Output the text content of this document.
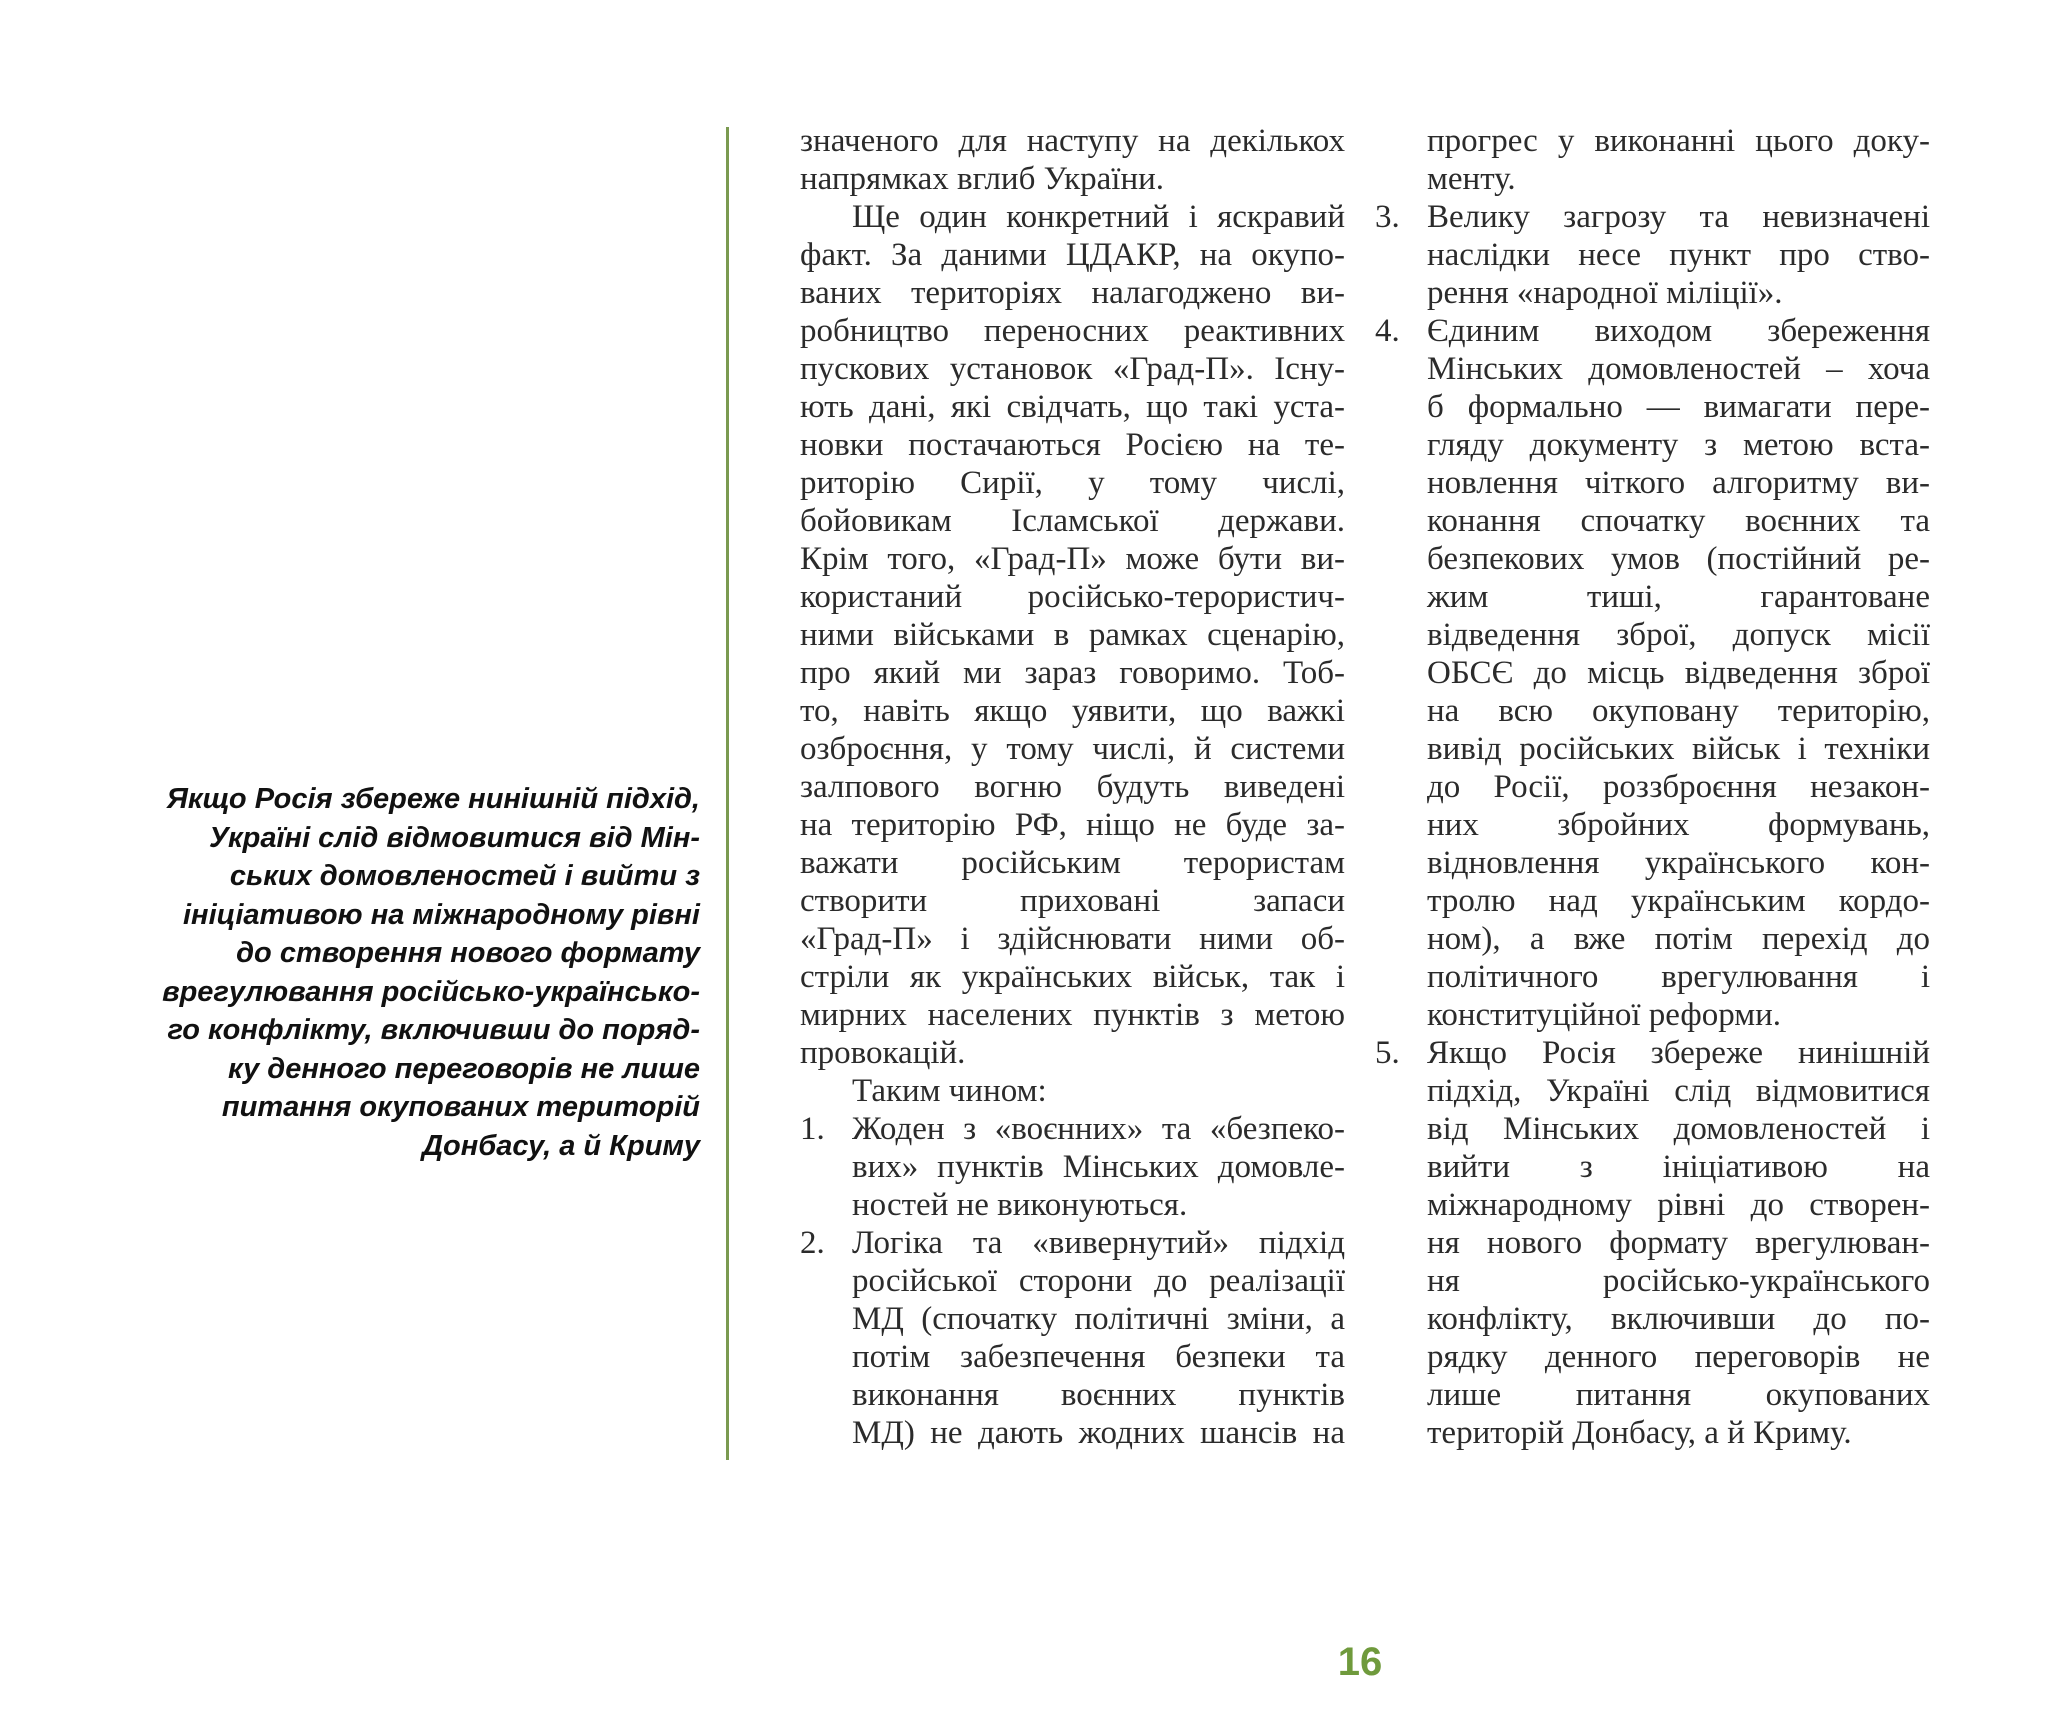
Якщо Росія збереже нинішній підхід,
Україні слід відмовитися від Мін-
ських домовленостей і вийти з
ініціативою на міжнародному рівні
до створення нового формату
врегулювання російсько-українсько-
го конфлікту, включивши до поряд-
ку денного переговорів не лише
питання окупованих територій
Донбасу, а й Криму
значеного для наступу на декількох
напрямках вглиб України.
Ще один конкретний і яскравий
факт. За даними ЦДАКР, на окупо-
ваних територіях налагоджено ви-
робництво переносних реактивних
пускових установок «Град-П». Існу-
ють дані, які свідчать, що такі уста-
новки постачаються Росією на те-
риторію Сирії, у тому числі,
бойовикам Ісламської держави.
Крім того, «Град-П» може бути ви-
користаний російсько-терористич-
ними військами в рамках сценарію,
про який ми зараз говоримо. Тоб-
то, навіть якщо уявити, що важкі
озброєння, у тому числі, й системи
залпового вогню будуть виведені
на територію РФ, ніщо не буде за-
важати російським терористам
створити приховані запаси
«Град-П» і здійснювати ними об-
стріли як українських військ, так і
мирних населених пунктів з метою
провокацій.
Таким чином:
1. Жоден з «воєнних» та «безпеко-
вих» пунктів Мінських домовле-
ностей не виконуються.
2. Логіка та «вивернутий» підхід
російської сторони до реалізації
МД (спочатку політичні зміни, а
потім забезпечення безпеки та
виконання воєнних пунктів
МД) не дають жодних шансів на
прогрес у виконанні цього доку-
менту.
3. Велику загрозу та невизначені
наслідки несе пункт про ство-
рення «народної міліції».
4. Єдиним виходом збереження
Мінських домовленостей – хоча
б формально — вимагати пере-
гляду документу з метою вста-
новлення чіткого алгоритму ви-
конання спочатку воєнних та
безпекових умов (постійний ре-
жим тиші, гарантоване
відведення зброї, допуск місії
ОБСЄ до місць відведення зброї
на всю окуповану територію,
вивід російських військ і техніки
до Росії, роззброєння незакон-
них збройних формувань,
відновлення українського кон-
тролю над українським кордо-
ном), а вже потім перехід до
політичного врегулювання і
конституційної реформи.
5. Якщо Росія збереже нинішній
підхід, Україні слід відмовитися
від Мінських домовленостей і
вийти з ініціативою на
міжнародному рівні до створен-
ня нового формату врегулюван-
ня російсько-українського
конфлікту, включивши до по-
рядку денного переговорів не
лише питання окупованих
територій Донбасу, а й Криму.
16
